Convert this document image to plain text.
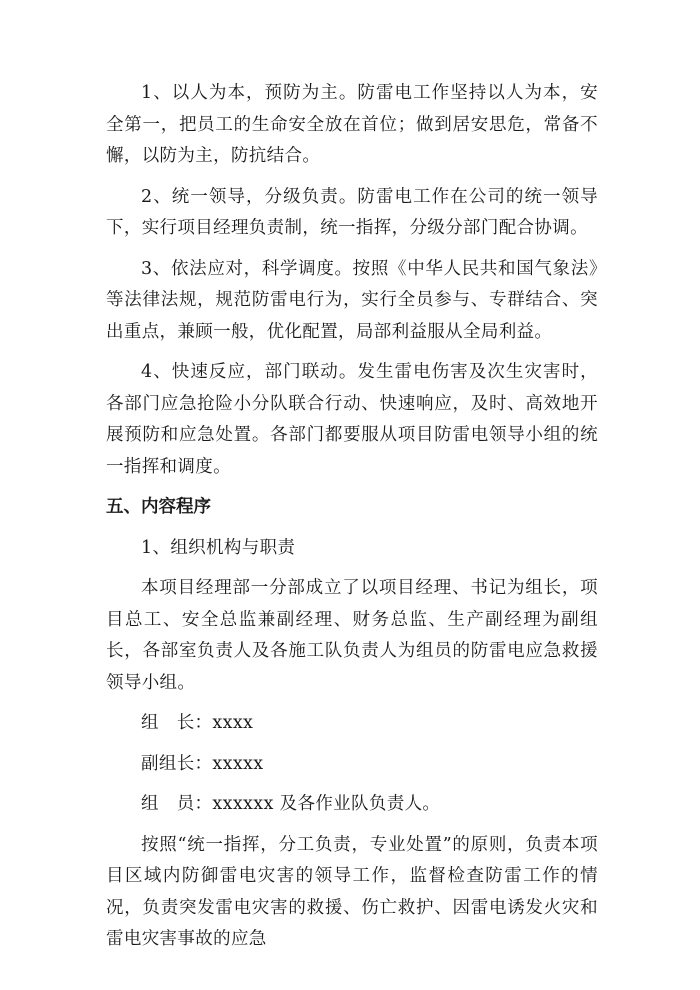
1、以人为本，预防为主。防雷电工作坚持以人为本，安全第一，把员工的生命安全放在首位；做到居安思危，常备不懈，以防为主，防抗结合。

2、统一领导，分级负责。防雷电工作在公司的统一领导下，实行项目经理负责制，统一指挥，分级分部门配合协调。

3、依法应对，科学调度。按照《中华人民共和国气象法》等法律法规，规范防雷电行为，实行全员参与、专群结合、突出重点，兼顾一般，优化配置，局部利益服从全局利益。

4、快速反应，部门联动。发生雷电伤害及次生灾害时，各部门应急抢险小分队联合行动、快速响应，及时、高效地开展预防和应急处置。各部门都要服从项目防雷电领导小组的统一指挥和调度。

五、内容程序

1、组织机构与职责

本项目经理部一分部成立了以项目经理、书记为组长，项目总工、安全总监兼副经理、财务总监、生产副经理为副组长，各部室负责人及各施工队负责人为组员的防雷电应急救援领导小组。

组　长：xxxx

副组长：xxxxx

组　员：xxxxxx 及各作业队负责人。

按照“统一指挥，分工负责，专业处置”的原则，负责本项目区域内防御雷电灾害的领导工作，监督检查防雷工作的情况，负责突发雷电灾害的救援、伤亡救护、因雷电诱发火灾和雷电灾害事故的应急
